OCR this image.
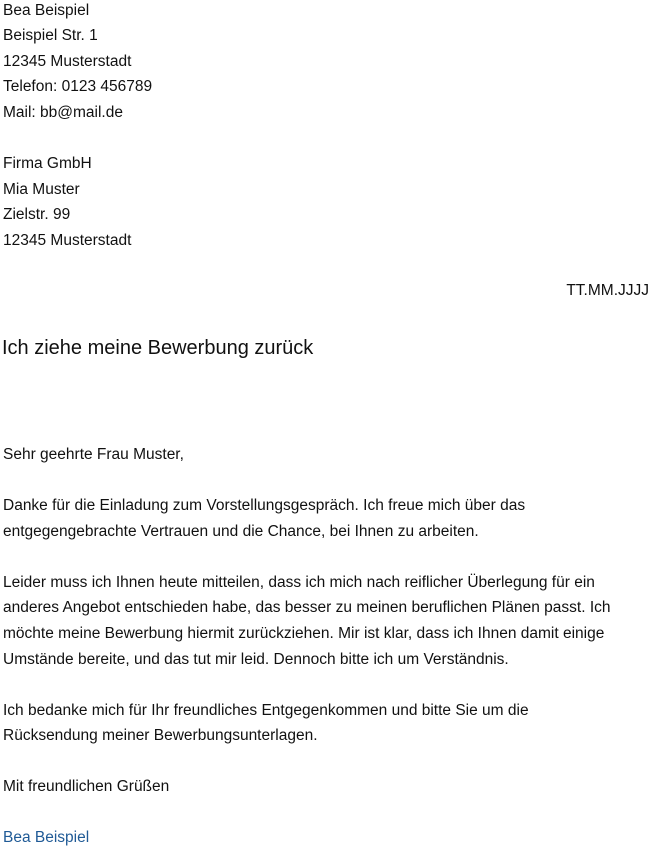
Bea Beispiel
Beispiel Str. 1
12345 Musterstadt
Telefon: 0123 456789
Mail: bb@mail.de
Firma GmbH
Mia Muster
Zielstr. 99
12345 Musterstadt
TT.MM.JJJJ
Ich ziehe meine Bewerbung zurück
Sehr geehrte Frau Muster,
Danke für die Einladung zum Vorstellungsgespräch. Ich freue mich über das
entgegengebrachte Vertrauen und die Chance, bei Ihnen zu arbeiten.
Leider muss ich Ihnen heute mitteilen, dass ich mich nach reiflicher Überlegung für ein
anderes Angebot entschieden habe, das besser zu meinen beruflichen Plänen passt. Ich
möchte meine Bewerbung hiermit zurückziehen. Mir ist klar, dass ich Ihnen damit einige
Umstände bereite, und das tut mir leid. Dennoch bitte ich um Verständnis.
Ich bedanke mich für Ihr freundliches Entgegenkommen und bitte Sie um die
Rücksendung meiner Bewerbungsunterlagen.
Mit freundlichen Grüßen
Bea Beispiel
